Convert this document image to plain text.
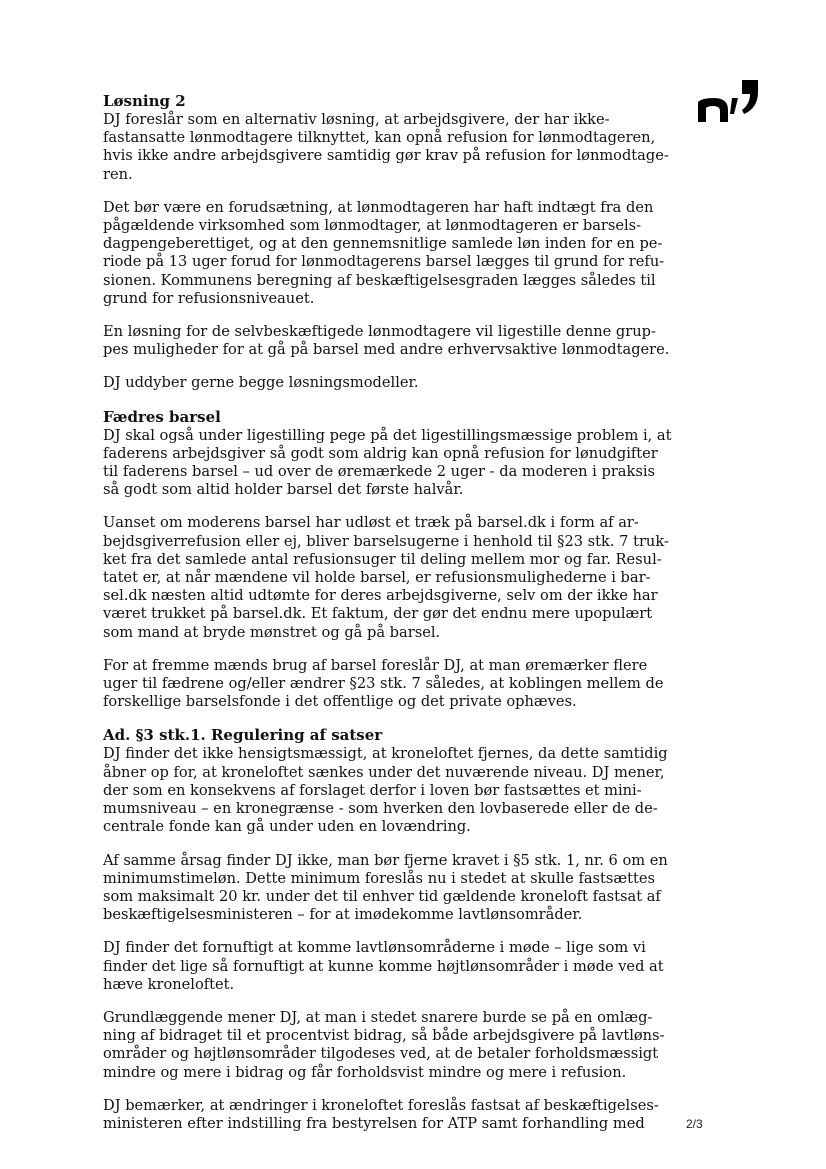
Løsning 2
DJ foreslår som en alternativ løsning, at arbejdsgivere, der har ikke-
fastansatte lønmodtagere tilknyttet, kan opnå refusion for lønmodtageren,
hvis ikke andre arbejdsgivere samtidig gør krav på refusion for lønmodtage-
ren.
Det bør være en forudsætning, at lønmodtageren har haft indtægt fra den
pågældende virksomhed som lønmodtager, at lønmodtageren er barsels-
dagpengeberettiget, og at den gennemsnitlige samlede løn inden for en pe-
riode på 13 uger forud for lønmodtagerens barsel lægges til grund for refu-
sionen. Kommunens beregning af beskæftigelsesgraden lægges således til
grund for refusionsniveauet.
En løsning for de selvbeskæftigede lønmodtagere vil ligestille denne grup-
pes muligheder for at gå på barsel med andre erhvervsaktive lønmodtagere.
DJ uddyber gerne begge løsningsmodeller.
Fædres barsel
DJ skal også under ligestilling pege på det ligestillingsmæssige problem i, at
faderens arbejdsgiver så godt som aldrig kan opnå refusion for lønudgifter
til faderens barsel – ud over de øremærkede 2 uger - da moderen i praksis
så godt som altid holder barsel det første halvår.
Uanset om moderens barsel har udløst et træk på barsel.dk i form af ar-
bejdsgiverrefusion eller ej, bliver barselsugerne i henhold til §23 stk. 7 truk-
ket fra det samlede antal refusionsuger til deling mellem mor og far. Resul-
tatet er, at når mændene vil holde barsel, er refusionsmulighederne i bar-
sel.dk næsten altid udtømte for deres arbejdsgiverne, selv om der ikke har
været trukket på barsel.dk. Et faktum, der gør det endnu mere upopulært
som mand at bryde mønstret og gå på barsel.
For at fremme mænds brug af barsel foreslår DJ, at man øremærker flere
uger til fædrene og/eller ændrer §23 stk. 7 således, at koblingen mellem de
forskellige barselsfonde i det offentlige og det private ophæves.
Ad. §3 stk.1. Regulering af satser
DJ finder det ikke hensigtsmæssigt, at kroneloftet fjernes, da dette samtidig
åbner op for, at kroneloftet sænkes under det nuværende niveau. DJ mener,
der som en konsekvens af forslaget derfor i loven bør fastsættes et mini-
mumsniveau – en kronegrænse - som hverken den lovbaserede eller de de-
centrale fonde kan gå under uden en lovændring.
Af samme årsag finder DJ ikke, man bør fjerne kravet i §5 stk. 1, nr. 6 om en
minimumstimeløn. Dette minimum foreslås nu i stedet at skulle fastsættes
som maksimalt 20 kr. under det til enhver tid gældende kroneloft fastsat af
beskæftigelsesministeren – for at imødekomme lavtlønsområder.
DJ finder det fornuftigt at komme lavtlønsområderne i møde – lige som vi
finder det lige så fornuftigt at kunne komme højtlønsområder i møde ved at
hæve kroneloftet.
Grundlæggende mener DJ, at man i stedet snarere burde se på en omlæg-
ning af bidraget til et procentvist bidrag, så både arbejdsgivere på lavtløns-
områder og højtlønsområder tilgodeses ved, at de betaler forholdsmæssigt
mindre og mere i bidrag og får forholdsvist mindre og mere i refusion.
DJ bemærker, at ændringer i kroneloftet foreslås fastsat af beskæftigelses-
ministeren efter indstilling fra bestyrelsen for ATP samt forhandling med	2/3
